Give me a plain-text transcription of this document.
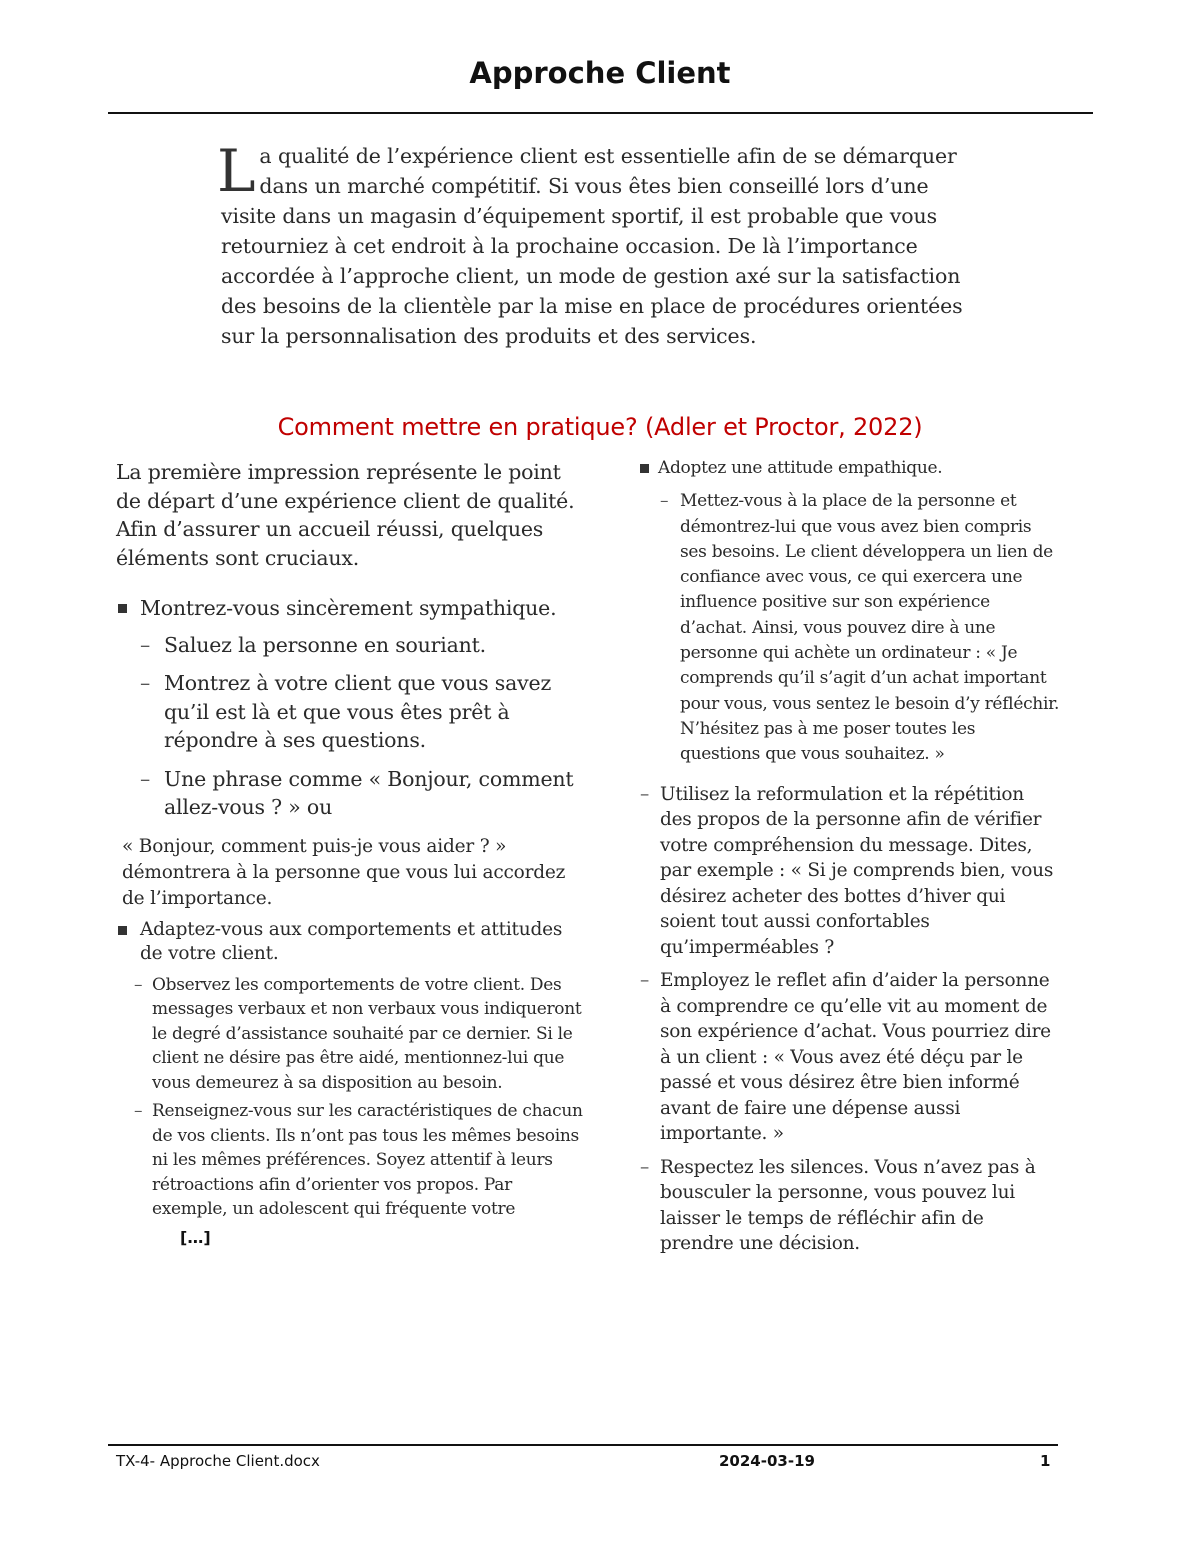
Approche Client
L a qualité de l’expérience client est essentielle afin de se démarquer dans un marché compétitif. Si vous êtes bien conseillé lors d’une visite dans un magasin d’équipement sportif, il est probable que vous retourniez à cet endroit à la prochaine occasion. De là l’importance accordée à l’approche client, un mode de gestion axé sur la satisfaction des besoins de la clientèle par la mise en place de procédures orientées sur la personnalisation des produits et des services.
Comment mettre en pratique? (Adler et Proctor, 2022)

La première impression représente le point de départ d’une expérience client de qualité. Afin d’assurer un accueil réussi, quelques éléments sont cruciaux.

Montrez-vous sincèrement sympathique.
– Saluez la personne en souriant.
– Montrez à votre client que vous savez qu’il est là et que vous êtes prêt à répondre à ses questions.
– Une phrase comme « Bonjour, comment allez-vous ? » ou

« Bonjour, comment puis-je vous aider ? » démontrera à la personne que vous lui accordez de l’importance.

Adaptez-vous aux comportements et attitudes de votre client.
– Observez les comportements de votre client. Des messages verbaux et non verbaux vous indiqueront le degré d’assistance souhaité par ce dernier. Si le client ne désire pas être aidé, mentionnez-lui que vous demeurez à sa disposition au besoin.
– Renseignez-vous sur les caractéristiques de chacun de vos clients. Ils n’ont pas tous les mêmes besoins ni les mêmes préférences. Soyez attentif à leurs rétroactions afin d’orienter vos propos. Par exemple, un adolescent qui fréquente votre
[…]
Adoptez une attitude empathique.
– Mettez-vous à la place de la personne et démontrez-lui que vous avez bien compris ses besoins. Le client développera un lien de confiance avec vous, ce qui exercera une influence positive sur son expérience d’achat. Ainsi, vous pouvez dire à une personne qui achète un ordinateur : « Je comprends qu’il s’agit d’un achat important pour vous, vous sentez le besoin d’y réfléchir. N’hésitez pas à me poser toutes les questions que vous souhaitez. »
– Utilisez la reformulation et la répétition des propos de la personne afin de vérifier votre compréhension du message. Dites, par exemple : « Si je comprends bien, vous désirez acheter des bottes d’hiver qui soient tout aussi confortables qu’imperméables ?
– Employez le reflet afin d’aider la personne à comprendre ce qu’elle vit au moment de son expérience d’achat. Vous pourriez dire à un client : « Vous avez été déçu par le passé et vous désirez être bien informé avant de faire une dépense aussi importante. »
– Respectez les silences. Vous n’avez pas à bousculer la personne, vous pouvez lui laisser le temps de réfléchir afin de prendre une décision.
TX-4- Approche Client.docx	2024-03-19	1
